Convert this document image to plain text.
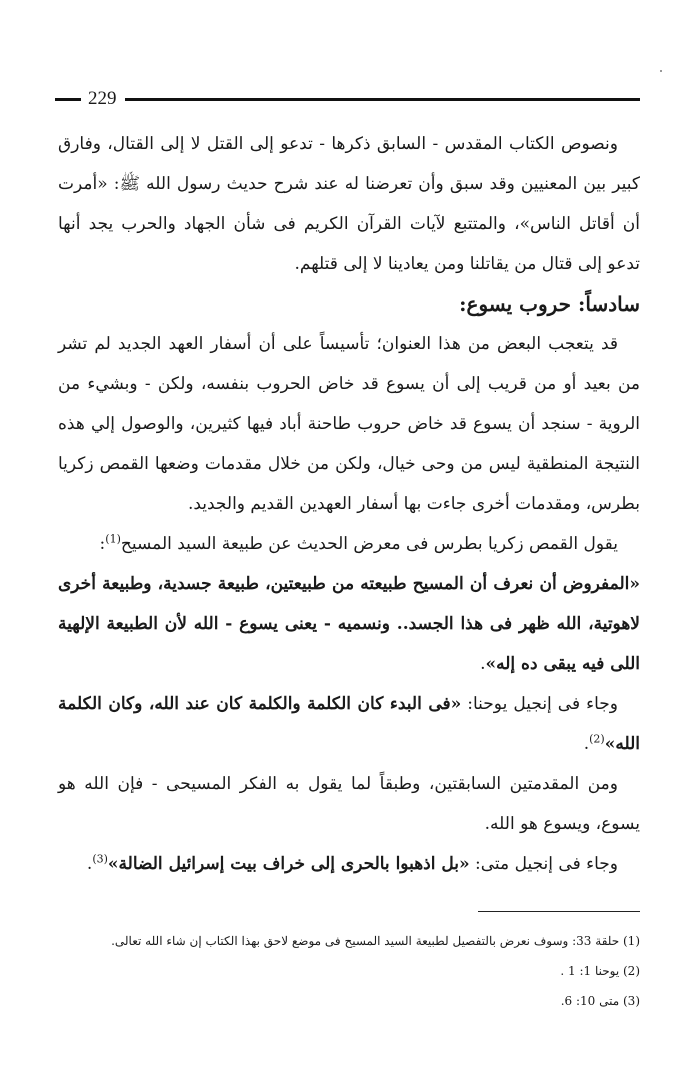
229

ونصوص الكتاب المقدس - السابق ذكرها - تدعو إلى القتل لا إلى القتال، وفارق كبير بين المعنيين وقد سبق وأن تعرضنا له عند شرح حديث رسول الله ﷺ: «أمرت أن أقاتل الناس»، والمتتبع لآيات القرآن الكريم فى شأن الجهاد والحرب يجد أنها تدعو إلى قتال من يقاتلنا ومن يعادينا لا إلى قتلهم.

سادساً: حروب يسوع:

قد يتعجب البعض من هذا العنوان؛ تأسيساً على أن أسفار العهد الجديد لم تشر من بعيد أو من قريب إلى أن يسوع قد خاض الحروب بنفسه، ولكن - وبشيء من الروية - سنجد أن يسوع قد خاض حروب طاحنة أباد فيها كثيرين، والوصول إلي هذه النتيجة المنطقية ليس من وحى خيال، ولكن من خلال مقدمات وضعها القمص زكريا بطرس، ومقدمات أخرى جاءت بها أسفار العهدين القديم والجديد.

يقول القمص زكريا بطرس فى معرض الحديث عن طبيعة السيد المسيح$^{(1)}$:

«المفروض أن نعرف أن المسيح طبيعته من طبيعتين، طبيعة جسدية، وطبيعة أخرى لاهوتية، الله ظهر فى هذا الجسد.. ونسميه - يعنى يسوع - الله لأن الطبيعة الإلهية اللى فيه يبقى ده إله».

وجاء فى إنجيل يوحنا: «فى البدء كان الكلمة والكلمة كان عند الله، وكان الكلمة الله»$^{(2)}$.

ومن المقدمتين السابقتين، وطبقاً لما يقول به الفكر المسيحى - فإن الله هو يسوع، ويسوع هو الله.

وجاء فى إنجيل متى: «بل اذهبوا بالحرى إلى خراف بيت إسرائيل الضالة»$^{(3)}$.

(1) حلقة 33: وسوف نعرض بالتفصيل لطبيعة السيد المسيح فى موضع لاحق بهذا الكتاب إن شاء الله تعالى.

(2) يوحنا 1: 1 .

(3) متى 10: 6.
